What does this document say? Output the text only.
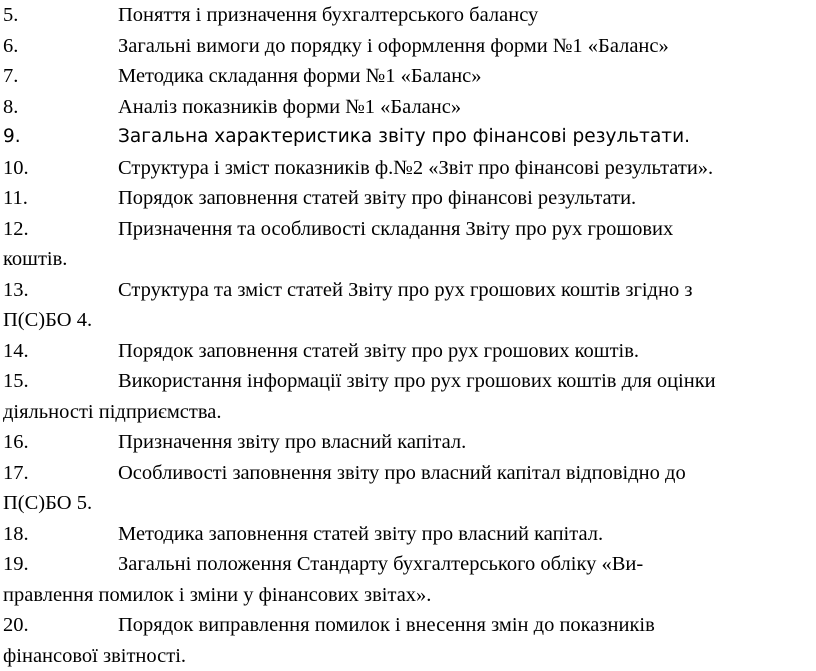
5.	Поняття і призначення бухгалтерського балансу
6.	Загальні вимоги до порядку і оформлення форми №1 «Баланс»
7.	Методика складання форми №1 «Баланс»
8.	Аналіз показників форми №1 «Баланс»
9.	Загальна характеристика звіту про фінансові результати.
10.	Структура і зміст показників ф.№2 «Звіт про фінансові результати».
11.	Порядок заповнення статей звіту про фінансові результати.
12.	Призначення та особливості складання Звіту про рух грошових
коштів.
13.	Структура та зміст статей Звіту про рух грошових коштів згідно з
П(С)БО 4.
14.	Порядок заповнення статей звіту про рух грошових коштів.
15.	Використання інформації звіту про рух грошових коштів для оцінки
діяльності підприємства.
16.	Призначення звіту про власний капітал.
17.	Особливості заповнення звіту про власний капітал відповідно до
П(С)БО 5.
18.	Методика заповнення статей звіту про власний капітал.
19.	Загальні положення Стандарту бухгалтерського обліку «Ви-
правлення помилок і зміни у фінансових звітах».
20.	Порядок виправлення помилок і внесення змін до показників
фінансової звітності.
